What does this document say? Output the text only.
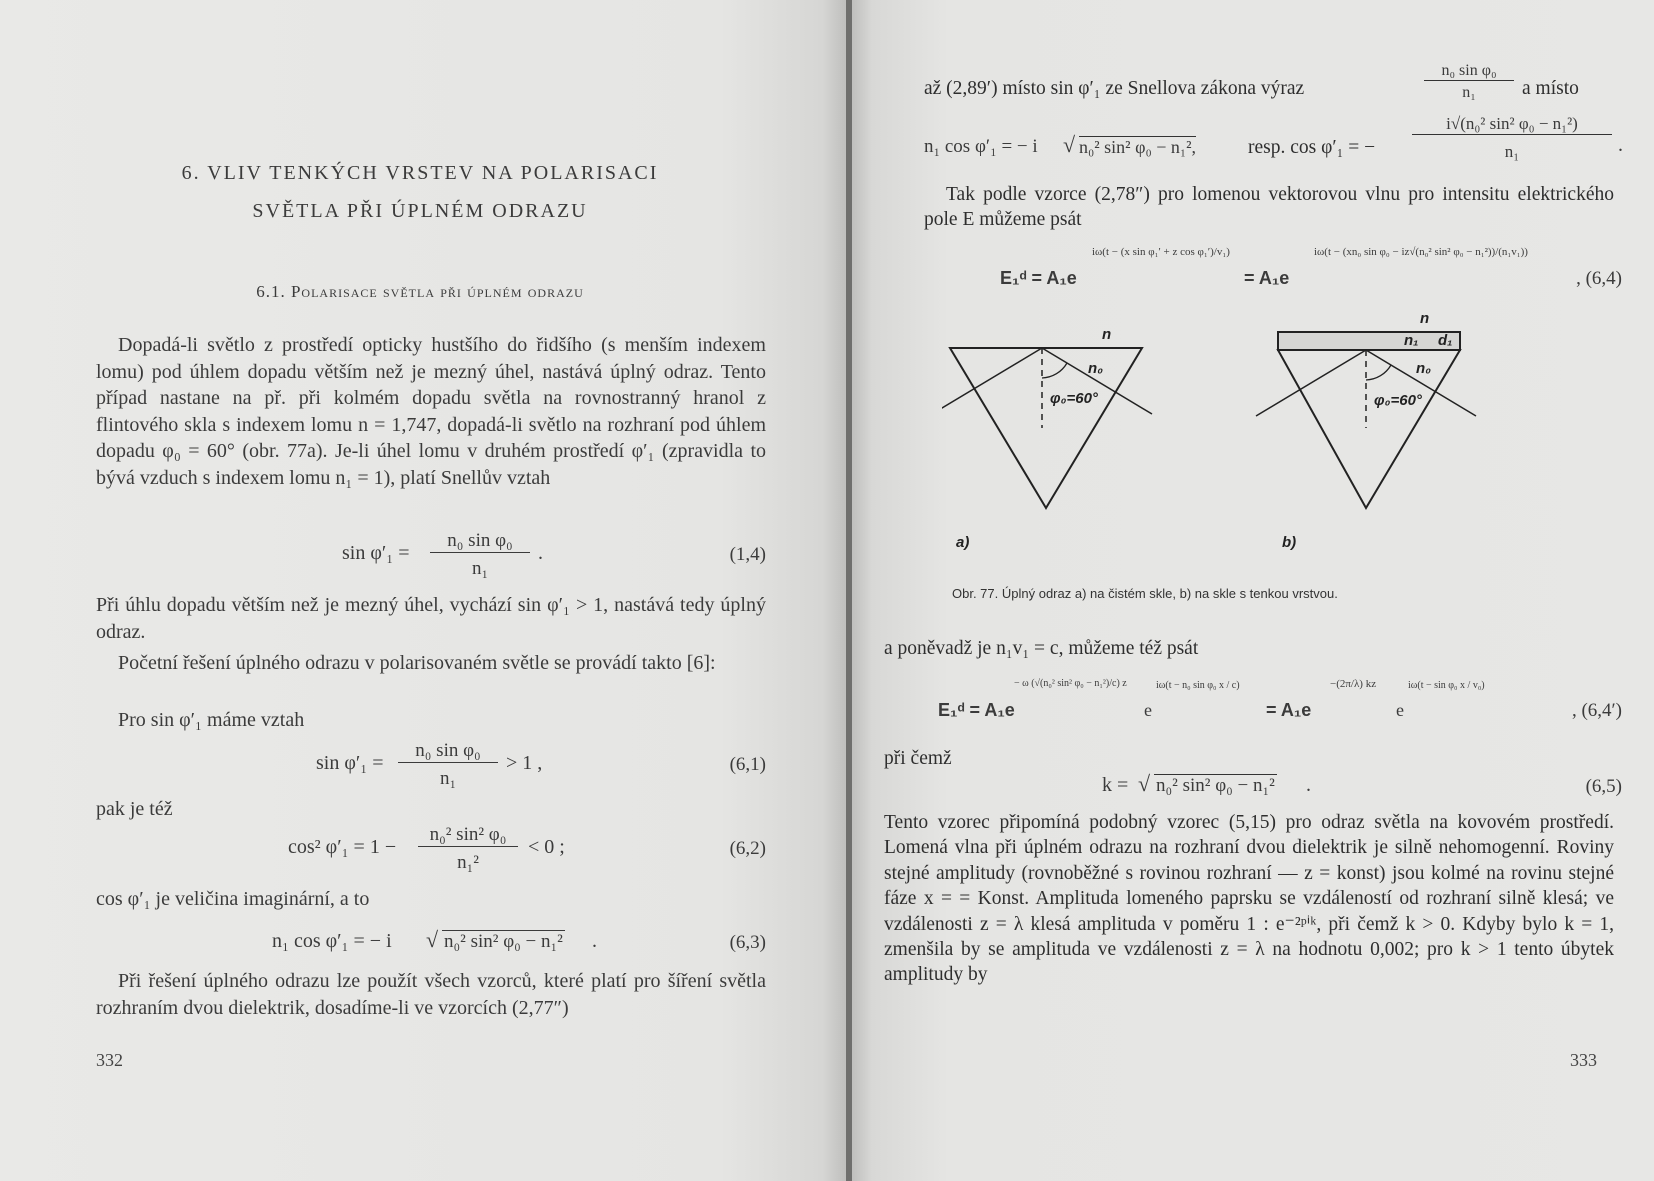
6. VLIV TENKÝCH VRSTEV NA POLARISACI
SVĚTLA PŘI ÚPLNÉM ODRAZU
6.1. Polarisace světla při úplném odrazu
Dopadá-li světlo z prostředí opticky hustšího do řidšího (s menším indexem lomu) pod úhlem dopadu větším než je mezný úhel, nastává úplný odraz. Tento případ nastane na př. při kolmém dopadu světla na rovnostranný hranol z flintového skla s indexem lomu n = 1,747, dopadá-li světlo na rozhraní pod úhlem dopadu φ₀ = 60° (obr. 77a). Je-li úhel lomu v druhém prostředí φ′₁ (zpravidla to bývá vzduch s indexem lomu n₁ = 1), platí Snellův vztah
sin φ′₁ =
n₀ sin φ₀
n₁
.	(1,4)
Při úhlu dopadu větším než je mezný úhel, vychází sin φ′₁ > 1, nastává tedy úplný odraz.
Početní řešení úplného odrazu v polarisovaném světle se provádí takto [6]:
Pro sin φ′₁ máme vztah
sin φ′₁ =
n₀ sin φ₀
n₁
> 1 ,	(6,1)
pak je též
cos² φ′₁ = 1 −
n₀² sin² φ₀
n₁²
< 0 ;	(6,2)
cos φ′₁ je veličina imaginární, a to
n₁ cos φ′₁ = − i √ n₀² sin² φ₀ − n₁² .	(6,3)
Při řešení úplného odrazu lze použít všech vzorců, které platí pro šíření světla rozhraním dvou dielektrik, dosadíme-li ve vzorcích (2,77″)
332
až (2,89′) místo sin φ′₁ ze Snellova zákona výraz
n₀ sin φ₀
n₁	a místo
n₁ cos φ′₁ = − i √ n₀² sin² φ₀ − n₁²,	resp. cos φ′₁ = −
i√(n₀² sin² φ₀ − n₁²)
n₁	.
Tak podle vzorce (2,78″) pro lomenou vektorovou vlnu pro intensitu elektrického pole E můžeme psát
E₁ᵈ = A₁e
iω(t − (x sin φ₁′ + z cos φ₁′)/v₁)
= A₁e
iω(t − (xn₀ sin φ₀ − iz√(n₀² sin² φ₀ − n₁²))/(n₁v₁))
, (6,4)
n
n₀
φ₀=60°
n
n₁ d₁
n₀
φ₀=60°
a)	b)
Obr. 77. Úplný odraz a) na čistém skle, b) na skle s tenkou vrstvou.
a poněvadž je n₁v₁ = c, můžeme též psát
E₁ᵈ = A₁e
− ω (√(n₀² sin² φ₀ − n₁²)/c) z
e
iω(t − n₀ sin φ₀ x / c)
= A₁e
−(2π/λ) kz
e
iω(t − sin φ₀ x / v₀)
, (6,4′)
při čemž
k = √ n₀² sin² φ₀ − n₁² .	(6,5)
Tento vzorec připomíná podobný vzorec (5,15) pro odraz světla na kovovém prostředí. Lomená vlna při úplném odrazu na rozhraní dvou dielektrik je silně nehomogenní. Roviny stejné amplitudy (rovnoběžné s rovinou rozhraní — z = konst) jsou kolmé na rovinu stejné fáze x = = Konst. Amplituda lomeného paprsku se vzdáleností od rozhraní silně klesá; ve vzdálenosti z = λ klesá amplituda v poměru 1 : e⁻²ᵖⁱᵏ, při čemž k > 0. Kdyby bylo k = 1, zmenšila by se amplituda ve vzdálenosti z = λ na hodnotu 0,002; pro k > 1 tento úbytek amplitudy by
333
